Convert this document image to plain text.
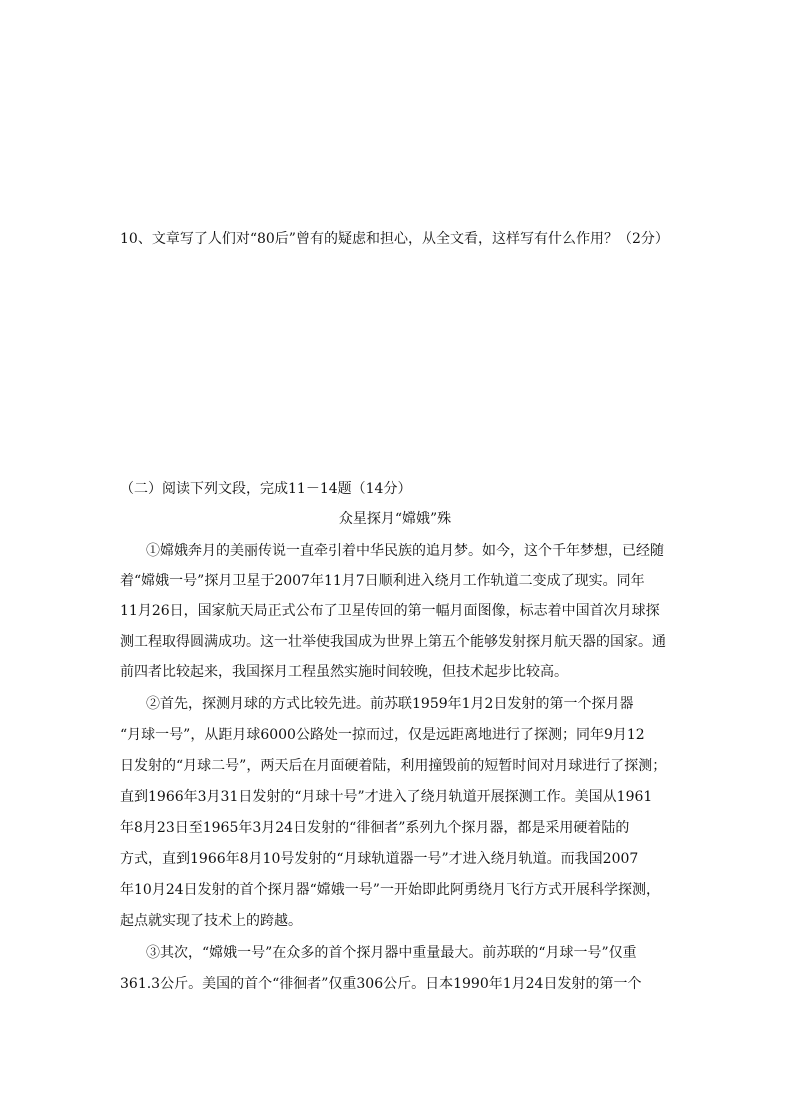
10、文章写了人们对“80后”曾有的疑虑和担心，从全文看，这样写有什么作用？（2分）
（二）阅读下列文段，完成11－14题（14分）
众星探月“嫦娥”殊
①嫦娥奔月的美丽传说一直牵引着中华民族的追月梦。如今，这个千年梦想，已经随
着“嫦娥一号”探月卫星于2007年11月7日顺利进入绕月工作轨道二变成了现实。同年
11月26日，国家航天局正式公布了卫星传回的第一幅月面图像，标志着中国首次月球探
测工程取得圆满成功。这一壮举使我国成为世界上第五个能够发射探月航天器的国家。通
前四者比较起来，我国探月工程虽然实施时间较晚，但技术起步比较高。
②首先，探测月球的方式比较先进。前苏联1959年1月2日发射的第一个探月器
“月球一号”，从距月球6000公路处一掠而过，仅是远距离地进行了探测；同年9月12
日发射的“月球二号”，两天后在月面硬着陆，利用撞毁前的短暂时间对月球进行了探测；
直到1966年3月31日发射的“月球十号”才进入了绕月轨道开展探测工作。美国从1961
年8月23日至1965年3月24日发射的“徘徊者”系列九个探月器，都是采用硬着陆的
方式，直到1966年8月10号发射的“月球轨道器一号”才进入绕月轨道。而我国2007
年10月24日发射的首个探月器“嫦娥一号”一开始即此阿勇绕月飞行方式开展科学探测，
起点就实现了技术上的跨越。
③其次，“嫦娥一号”在众多的首个探月器中重量最大。前苏联的“月球一号”仅重
361.3公斤。美国的首个“徘徊者”仅重306公斤。日本1990年1月24日发射的第一个
